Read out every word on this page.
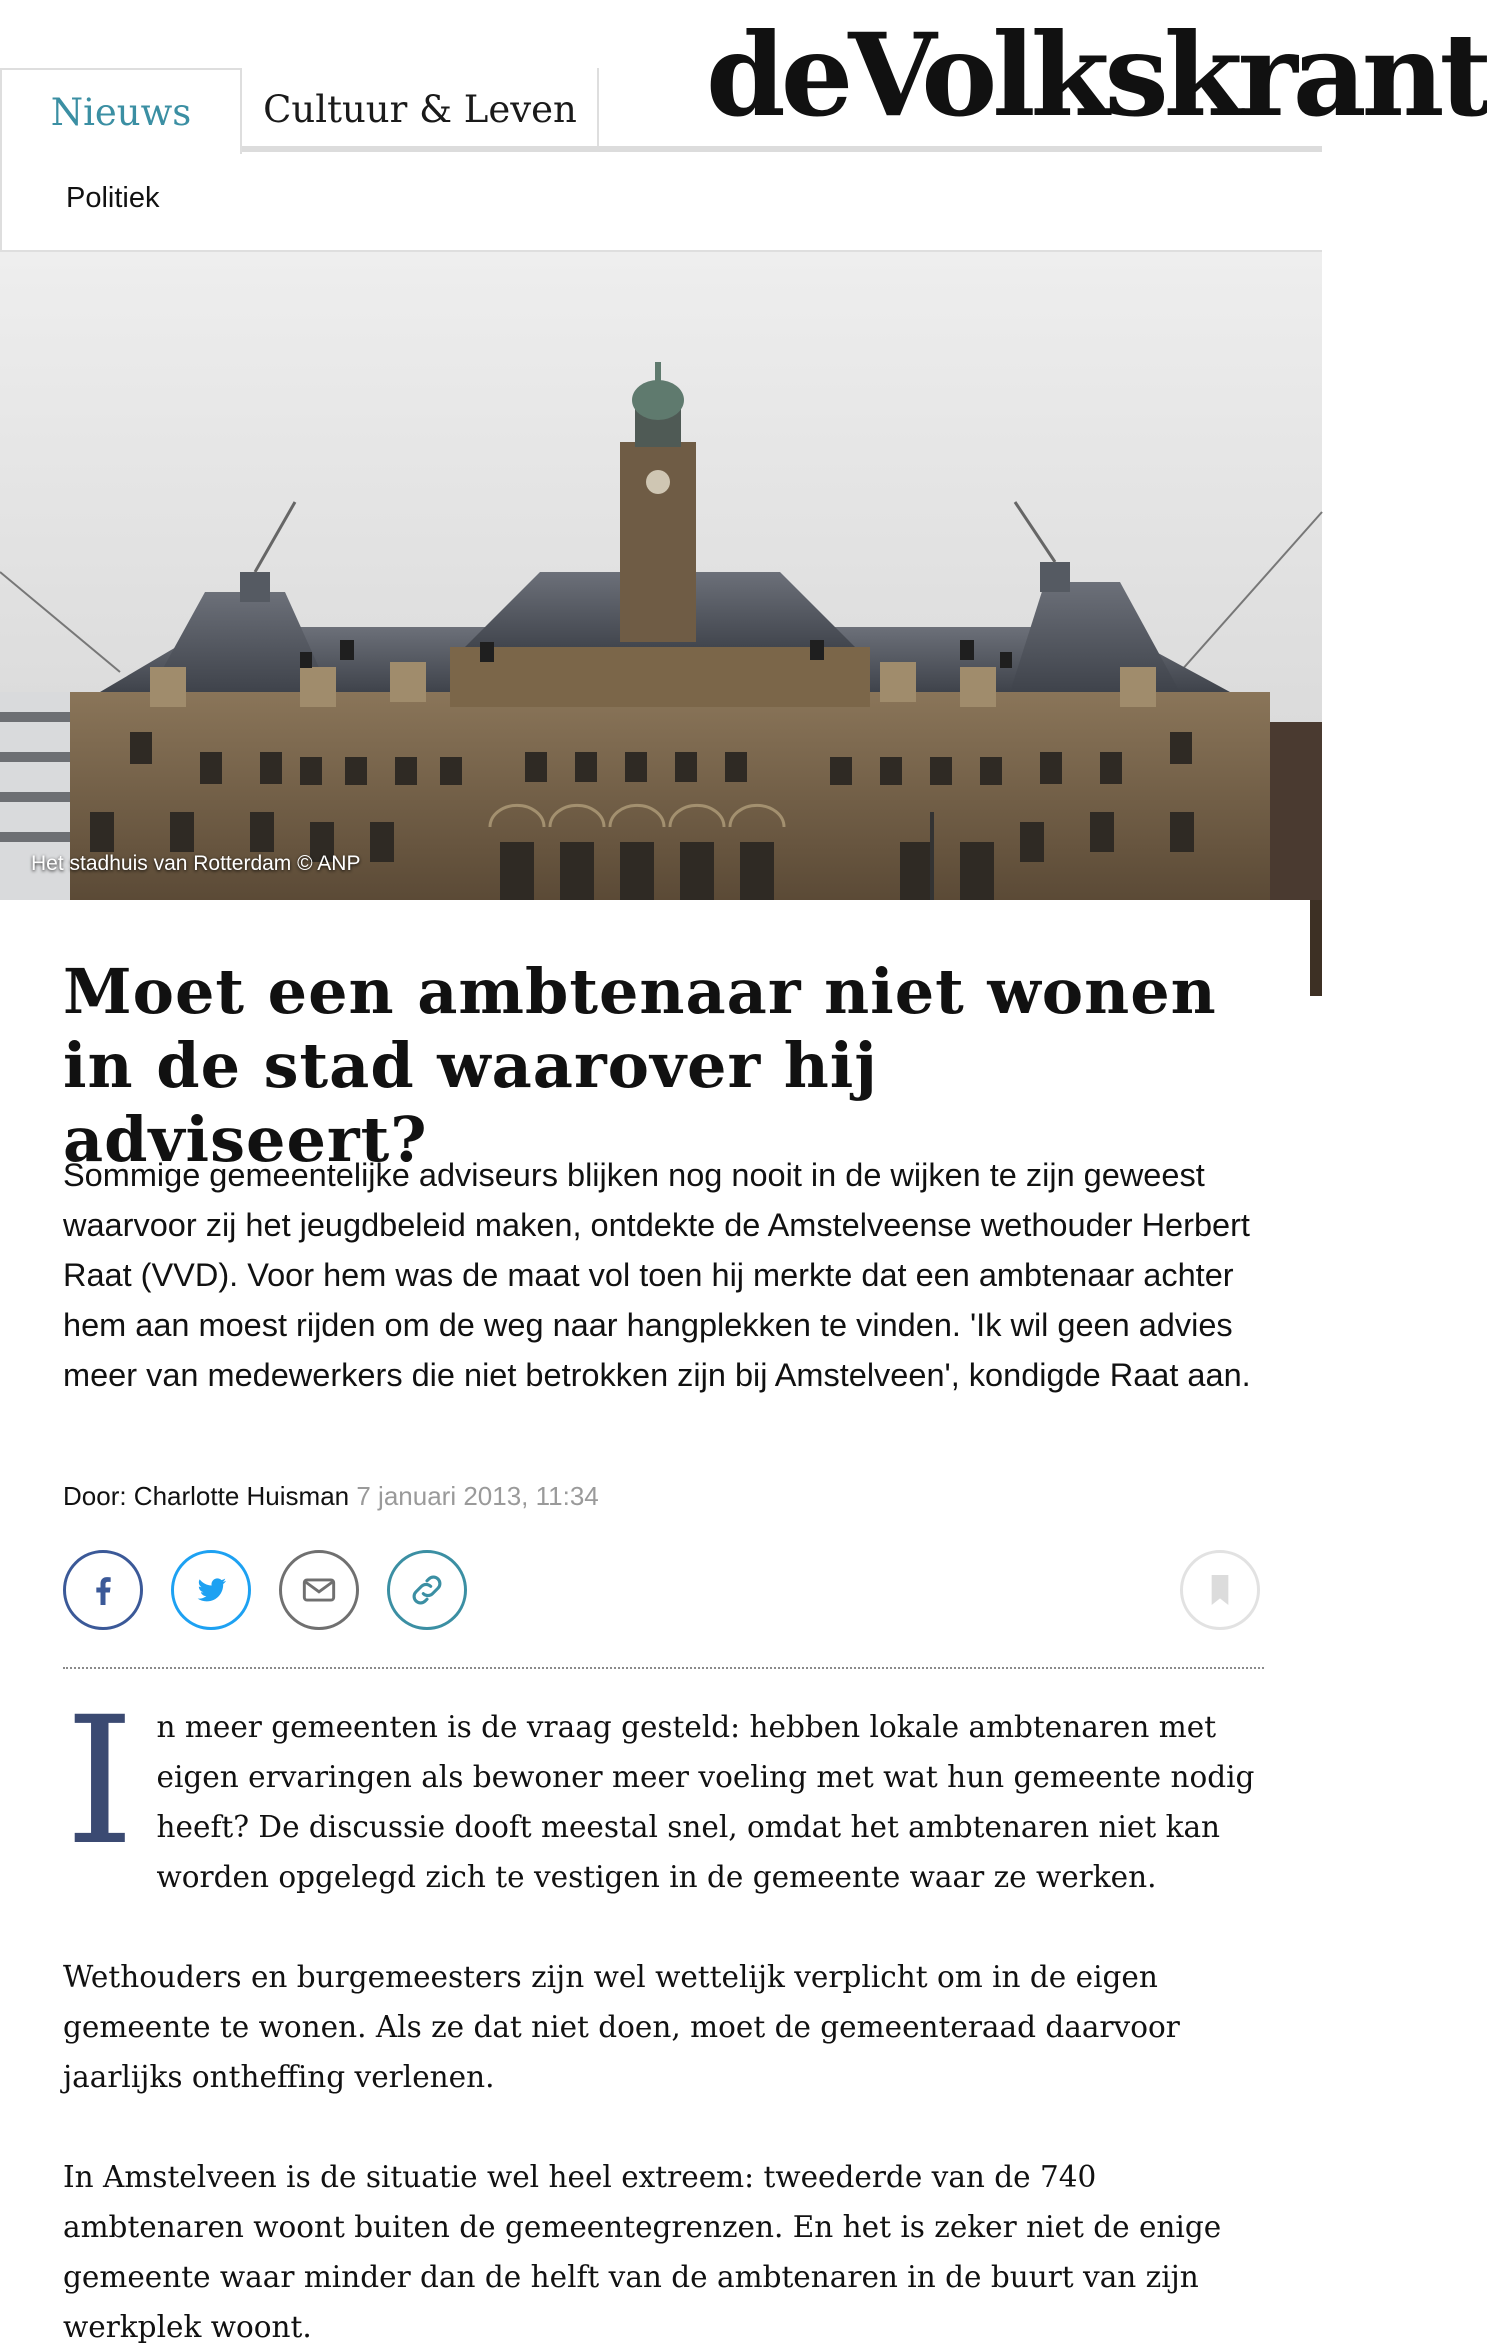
Nieuws	Cultuur & Leven deVolkskrant
Politiek
Het stadhuis van Rotterdam © ANP
Moet een ambtenaar niet wonen in de stad waarover hij adviseert?

Sommige gemeentelijke adviseurs blijken nog nooit in de wijken te zijn geweest waarvoor zij het jeugdbeleid maken, ontdekte de Amstelveense wethouder Herbert Raat (VVD). Voor hem was de maat vol toen hij merkte dat een ambtenaar achter hem aan moest rijden om de weg naar hangplekken te vinden. 'Ik wil geen advies meer van medewerkers die niet betrokken zijn bij Amstelveen', kondigde Raat aan.

Door: Charlotte Huisman 7 januari 2013, 11:34

In meer gemeenten is de vraag gesteld: hebben lokale ambtenaren met eigen ervaringen als bewoner meer voeling met wat hun gemeente nodig heeft? De discussie dooft meestal snel, omdat het ambtenaren niet kan worden opgelegd zich te vestigen in de gemeente waar ze werken.

Wethouders en burgemeesters zijn wel wettelijk verplicht om in de eigen gemeente te wonen. Als ze dat niet doen, moet de gemeenteraad daarvoor jaarlijks ontheffing verlenen.

In Amstelveen is de situatie wel heel extreem: tweederde van de 740 ambtenaren woont buiten de gemeentegrenzen. En het is zeker niet de enige gemeente waar minder dan de helft van de ambtenaren in de buurt van zijn werkplek woont.
